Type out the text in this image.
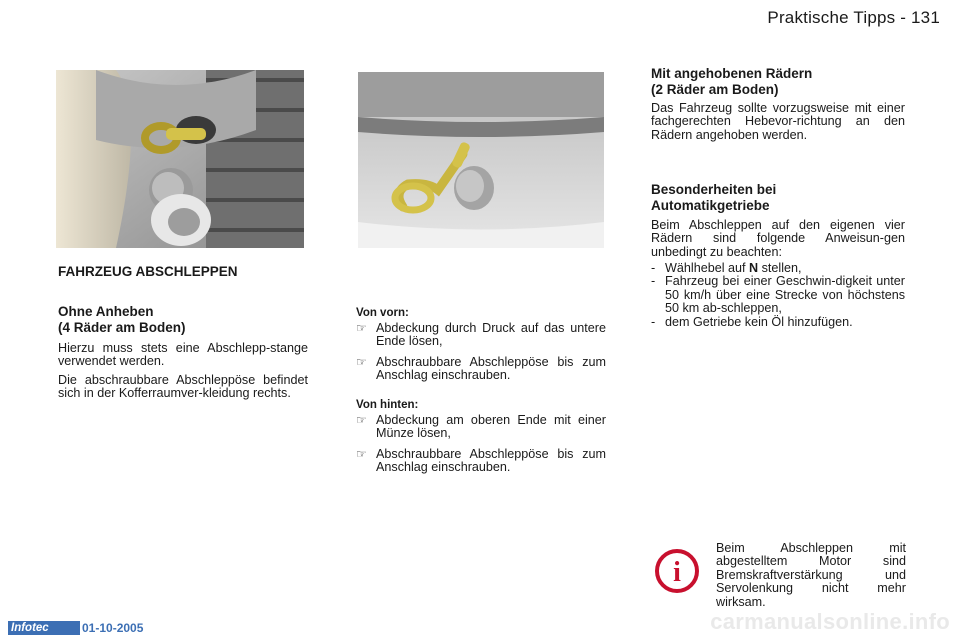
Praktische Tipps - 131
FAHRZEUG ABSCHLEPPEN
Ohne Anheben
(4 Räder am Boden)

Hierzu muss stets eine Abschlepp-stange verwendet werden.

Die abschraubbare Abschleppöse befindet sich in der Kofferraumver-kleidung rechts.

Von vorn:
☞ Abdeckung durch Druck auf das untere Ende lösen,
☞ Abschraubbare Abschleppöse bis zum Anschlag einschrauben.
Von hinten:
☞ Abdeckung am oberen Ende mit einer Münze lösen,
☞ Abschraubbare Abschleppöse bis zum Anschlag einschrauben.
Mit angehobenen Rädern
(2 Räder am Boden)
Das Fahrzeug sollte vorzugsweise mit einer fachgerechten Hebevor-richtung an den Rädern angehoben werden.
Besonderheiten bei
Automatikgetriebe
Beim Abschleppen auf den eigenen vier Rädern sind folgende Anweisun-gen unbedingt zu beachten:
- Wählhebel auf N stellen,
- Fahrzeug bei einer Geschwin-digkeit unter 50 km/h über eine Strecke von höchstens 50 km ab-schleppen,
- dem Getriebe kein Öl hinzufügen.
i
Beim Abschleppen mit abgestelltem Motor sind Bremskraftverstärkung und Servolenkung nicht mehr wirksam.
Infotec	01-10-2005	carmanualsonline.info
